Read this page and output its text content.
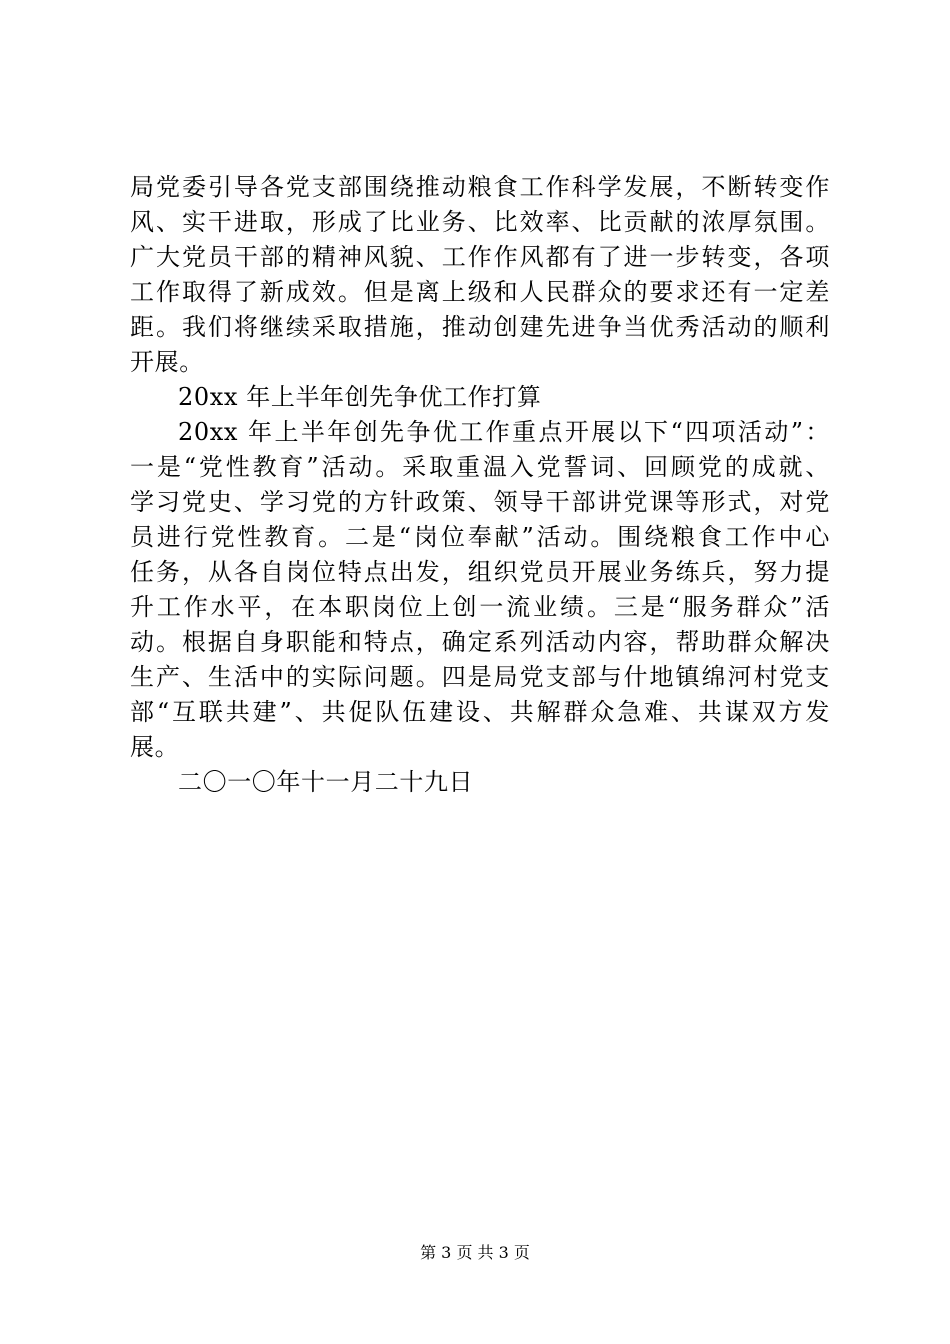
局党委引导各党支部围绕推动粮食工作科学发展，不断转变作
风、实干进取，形成了比业务、比效率、比贡献的浓厚氛围。
广大党员干部的精神风貌、工作作风都有了进一步转变，各项
工作取得了新成效。但是离上级和人民群众的要求还有一定差
距。我们将继续采取措施，推动创建先进争当优秀活动的顺利
开展。
20xx 年上半年创先争优工作打算
20xx 年上半年创先争优工作重点开展以下“四项活动”：
一是“党性教育”活动。采取重温入党誓词、回顾党的成就、
学习党史、学习党的方针政策、领导干部讲党课等形式，对党
员进行党性教育。二是“岗位奉献”活动。围绕粮食工作中心
任务，从各自岗位特点出发，组织党员开展业务练兵，努力提
升工作水平，在本职岗位上创一流业绩。三是“服务群众”活
动。根据自身职能和特点，确定系列活动内容，帮助群众解决
生产、生活中的实际问题。四是局党支部与什地镇绵河村党支
部“互联共建”、共促队伍建设、共解群众急难、共谋双方发
展。
二〇一〇年十一月二十九日
第 3 页 共 3 页
